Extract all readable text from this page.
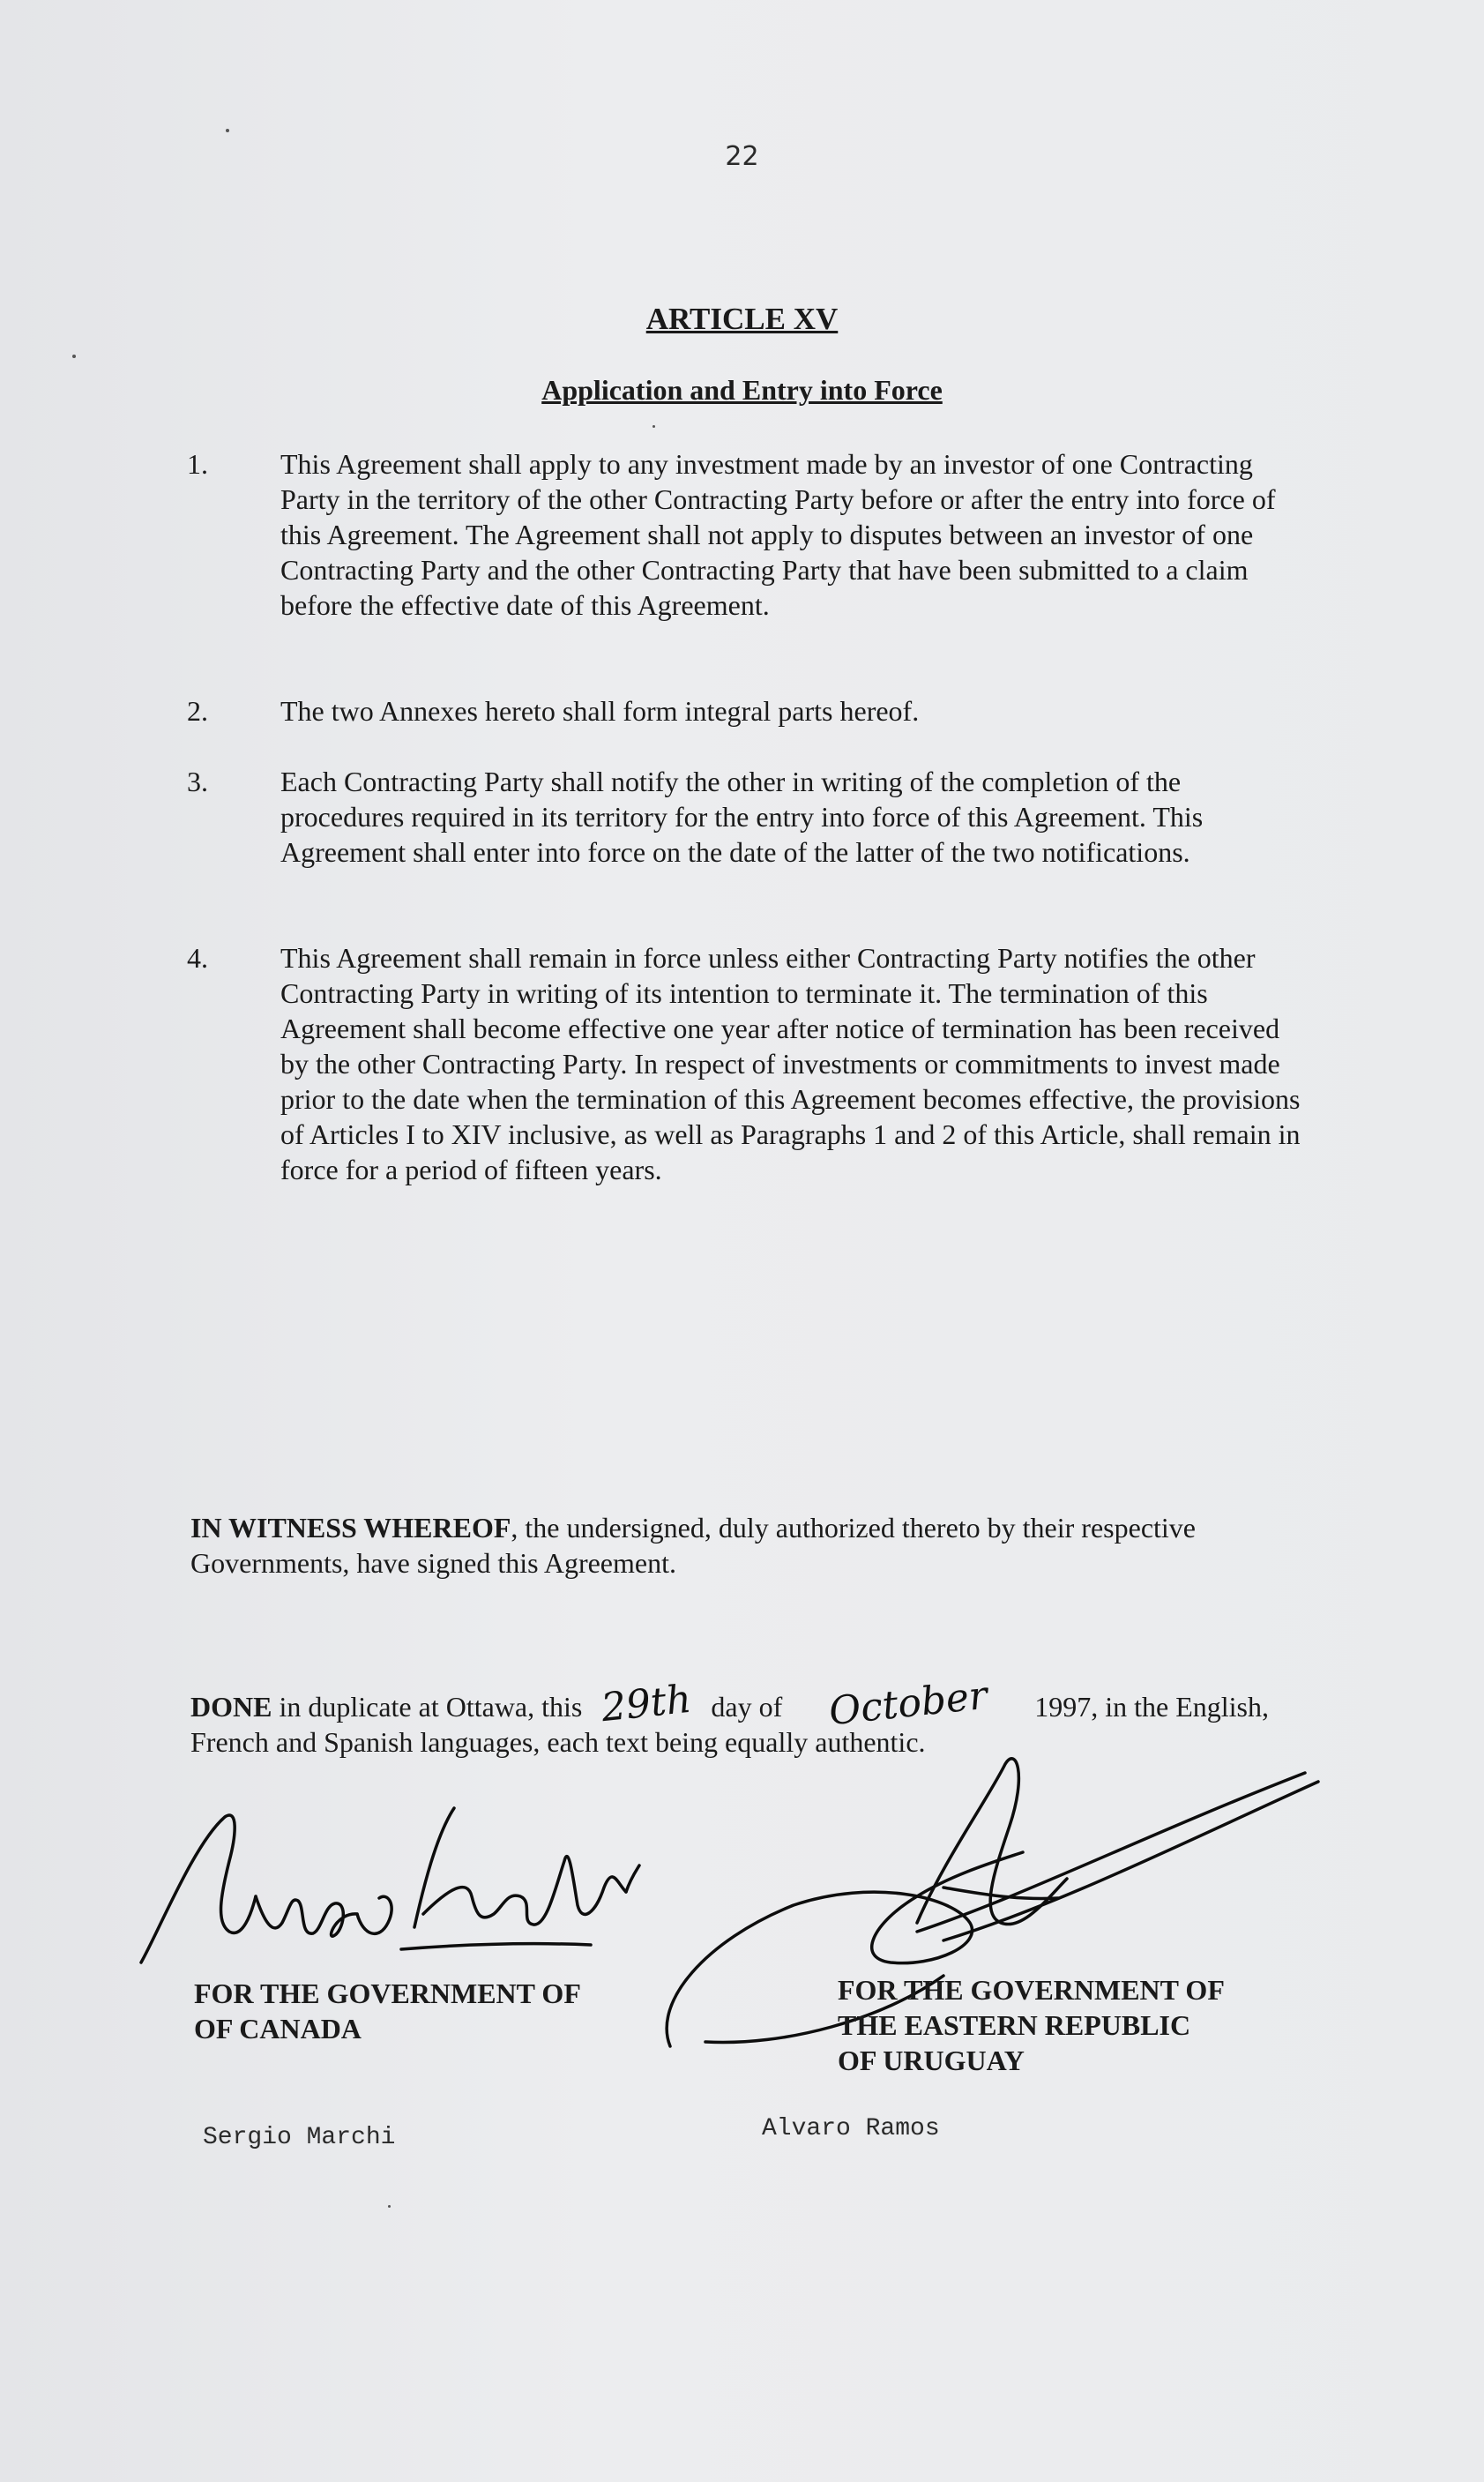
22
ARTICLE XV
Application and Entry into Force
1.	This Agreement shall apply to any investment made by an investor of one Contracting Party in the territory of the other Contracting Party before or after the entry into force of this Agreement. The Agreement shall not apply to disputes between an investor of one Contracting Party and the other Contracting Party that have been submitted to a claim before the effective date of this Agreement.
2.	The two Annexes hereto shall form integral parts hereof.
3.	Each Contracting Party shall notify the other in writing of the completion of the procedures required in its territory for the entry into force of this Agreement. This Agreement shall enter into force on the date of the latter of the two notifications.
4.	This Agreement shall remain in force unless either Contracting Party notifies the other Contracting Party in writing of its intention to terminate it. The termination of this Agreement shall become effective one year after notice of termination has been received by the other Contracting Party. In respect of investments or commitments to invest made prior to the date when the termination of this Agreement becomes effective, the provisions of Articles I to XIV inclusive, as well as Paragraphs 1 and 2 of this Article, shall remain in force for a period of fifteen years.
IN WITNESS WHEREOF, the undersigned, duly authorized thereto by their respective Governments, have signed this Agreement.
DONE in duplicate at Ottawa, this 29th day of October 1997, in the English, French and Spanish languages, each text being equally authentic.
FOR THE GOVERNMENT OF
OF CANADA
FOR THE GOVERNMENT OF
THE EASTERN REPUBLIC
OF URUGUAY
Sergio Marchi	Alvaro Ramos
